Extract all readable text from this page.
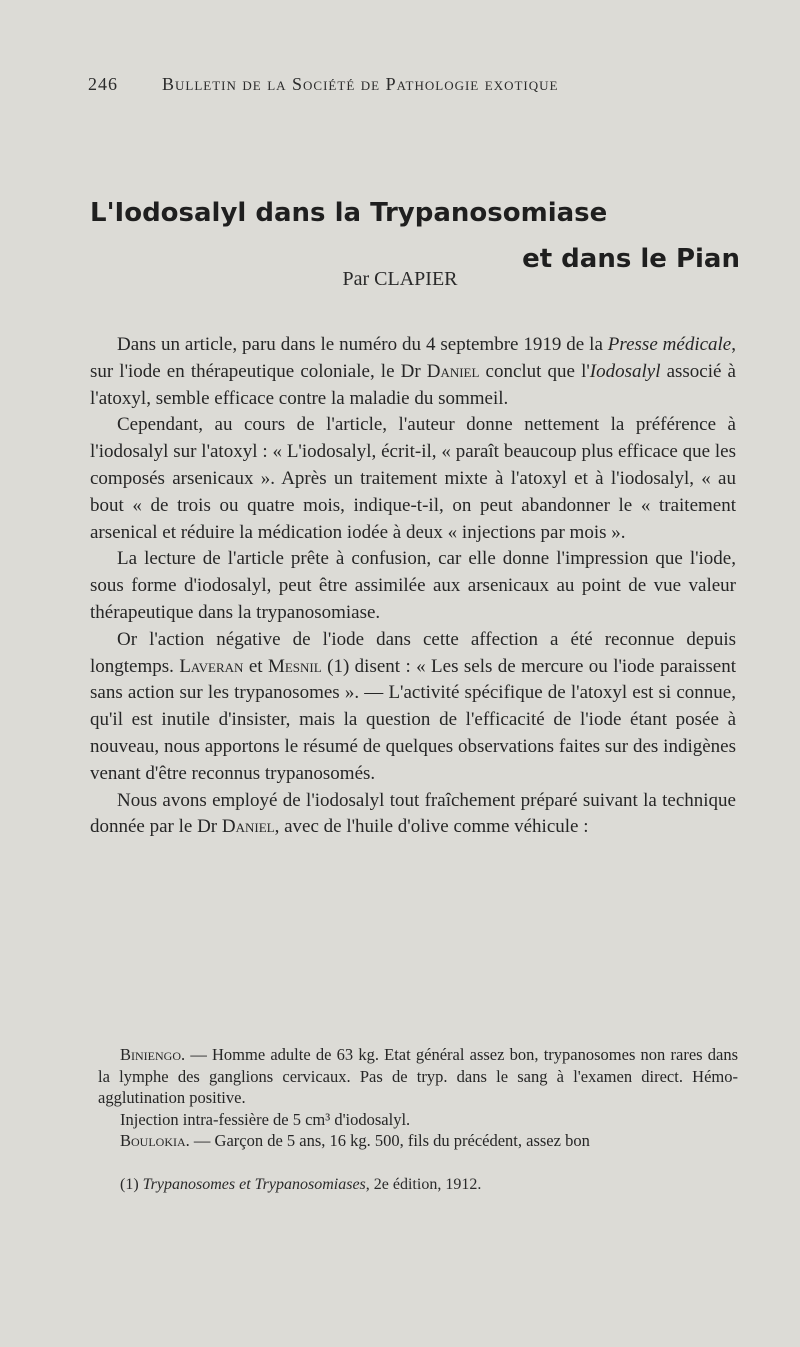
246 Bulletin de la Société de Pathologie exotique
L'Iodosalyl dans la Trypanosomiase
et dans le Pian
Par CLAPIER

Dans un article, paru dans le numéro du 4 septembre 1919 de la Presse médicale, sur l'iode en thérapeutique coloniale, le Dr Daniel conclut que l'Iodosalyl associé à l'atoxyl, semble efficace contre la maladie du sommeil.

Cependant, au cours de l'article, l'auteur donne nettement la préférence à l'iodosalyl sur l'atoxyl : « L'iodosalyl, écrit-il, « paraît beaucoup plus efficace que les composés arsenicaux ». Après un traitement mixte à l'atoxyl et à l'iodosalyl, « au bout « de trois ou quatre mois, indique-t-il, on peut abandonner le « traitement arsenical et réduire la médication iodée à deux « injections par mois ».

La lecture de l'article prête à confusion, car elle donne l'impression que l'iode, sous forme d'iodosalyl, peut être assimilée aux arsenicaux au point de vue valeur thérapeutique dans la trypanosomiase.

Or l'action négative de l'iode dans cette affection a été reconnue depuis longtemps. Laveran et Mesnil (1) disent : « Les sels de mercure ou l'iode paraissent sans action sur les trypanosomes ». — L'activité spécifique de l'atoxyl est si connue, qu'il est inutile d'insister, mais la question de l'efficacité de l'iode étant posée à nouveau, nous apportons le résumé de quelques observations faites sur des indigènes venant d'être reconnus trypanosomés.

Nous avons employé de l'iodosalyl tout fraîchement préparé suivant la technique donnée par le Dr Daniel, avec de l'huile d'olive comme véhicule :

Biniengo. — Homme adulte de 63 kg. Etat général assez bon, trypanosomes non rares dans la lymphe des ganglions cervicaux. Pas de tryp. dans le sang à l'examen direct. Hémo-agglutination positive.

Injection intra-fessière de 5 cm³ d'iodosalyl.

Boulokia. — Garçon de 5 ans, 16 kg. 500, fils du précédent, assez bon

(1) Trypanosomes et Trypanosomiases, 2e édition, 1912.
